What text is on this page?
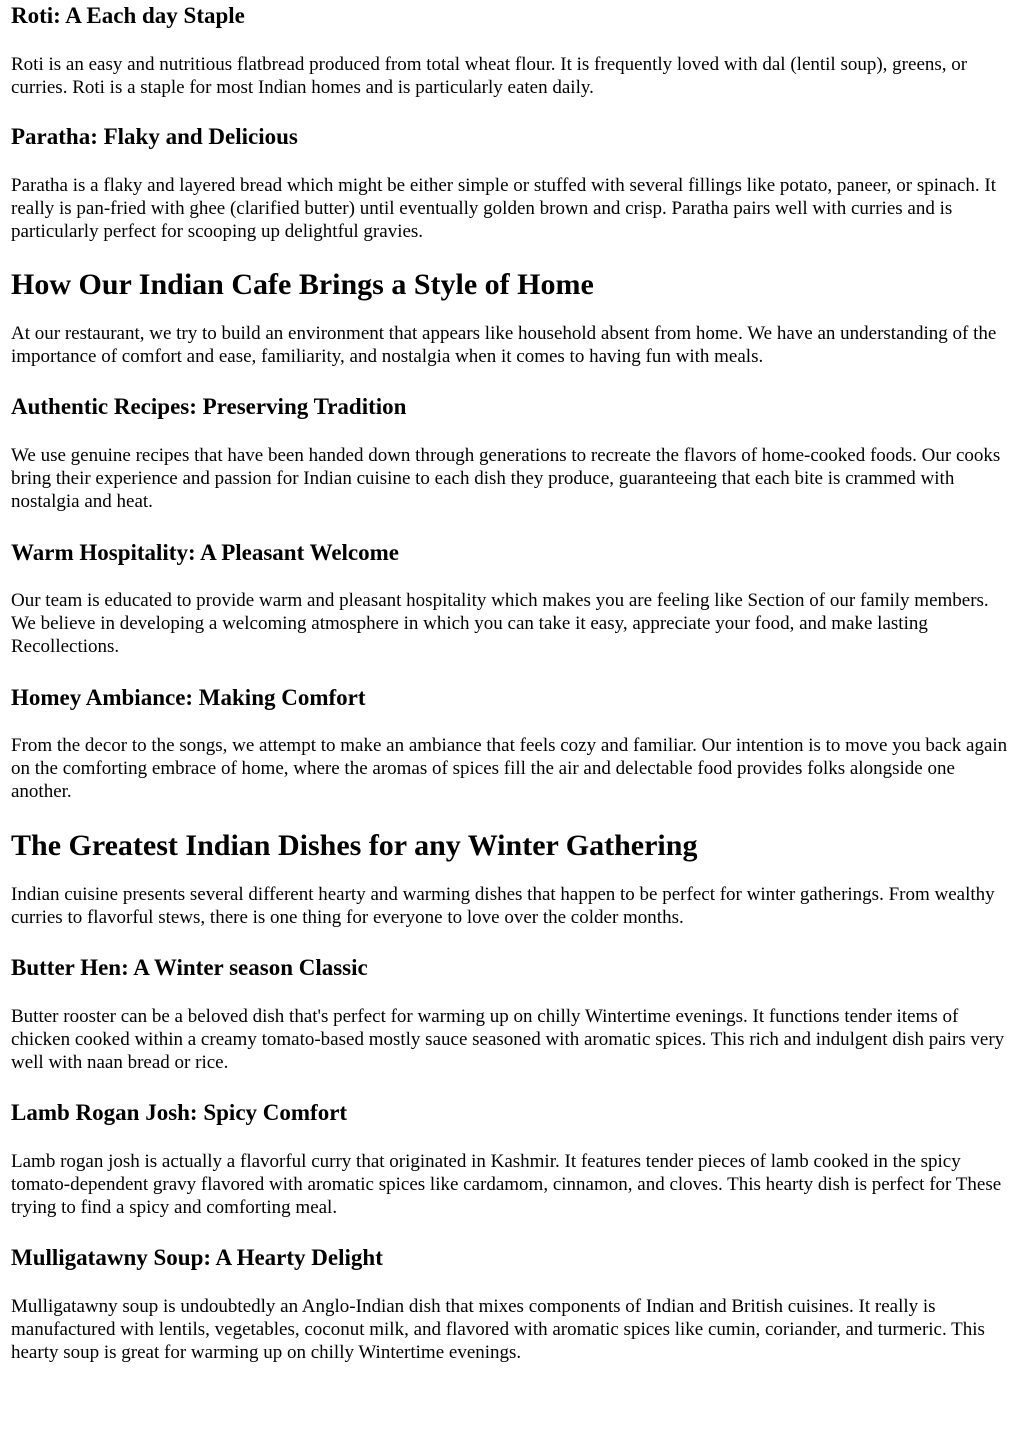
Roti: A Each day Staple

Roti is an easy and nutritious flatbread produced from total wheat flour. It is frequently loved with dal (lentil soup), greens, or curries. Roti is a staple for most Indian homes and is particularly eaten daily.

Paratha: Flaky and Delicious

Paratha is a flaky and layered bread which might be either simple or stuffed with several fillings like potato, paneer, or spinach. It really is pan-fried with ghee (clarified butter) until eventually golden brown and crisp. Paratha pairs well with curries and is particularly perfect for scooping up delightful gravies.

How Our Indian Cafe Brings a Style of Home

At our restaurant, we try to build an environment that appears like household absent from home. We have an understanding of the importance of comfort and ease, familiarity, and nostalgia when it comes to having fun with meals.

Authentic Recipes: Preserving Tradition

We use genuine recipes that have been handed down through generations to recreate the flavors of home-cooked foods. Our cooks bring their experience and passion for Indian cuisine to each dish they produce, guaranteeing that each bite is crammed with nostalgia and heat.

Warm Hospitality: A Pleasant Welcome

Our team is educated to provide warm and pleasant hospitality which makes you are feeling like Section of our family members. We believe in developing a welcoming atmosphere in which you can take it easy, appreciate your food, and make lasting Recollections.

Homey Ambiance: Making Comfort

From the decor to the songs, we attempt to make an ambiance that feels cozy and familiar. Our intention is to move you back again on the comforting embrace of home, where the aromas of spices fill the air and delectable food provides folks alongside one another.

The Greatest Indian Dishes for any Winter Gathering

Indian cuisine presents several different hearty and warming dishes that happen to be perfect for winter gatherings. From wealthy curries to flavorful stews, there is one thing for everyone to love over the colder months.

Butter Hen: A Winter season Classic

Butter rooster can be a beloved dish that's perfect for warming up on chilly Wintertime evenings. It functions tender items of chicken cooked within a creamy tomato-based mostly sauce seasoned with aromatic spices. This rich and indulgent dish pairs very well with naan bread or rice.

Lamb Rogan Josh: Spicy Comfort

Lamb rogan josh is actually a flavorful curry that originated in Kashmir. It features tender pieces of lamb cooked in the spicy tomato-dependent gravy flavored with aromatic spices like cardamom, cinnamon, and cloves. This hearty dish is perfect for These trying to find a spicy and comforting meal.

Mulligatawny Soup: A Hearty Delight

Mulligatawny soup is undoubtedly an Anglo-Indian dish that mixes components of Indian and British cuisines. It really is manufactured with lentils, vegetables, coconut milk, and flavored with aromatic spices like cumin, coriander, and turmeric. This hearty soup is great for warming up on chilly Wintertime evenings.
